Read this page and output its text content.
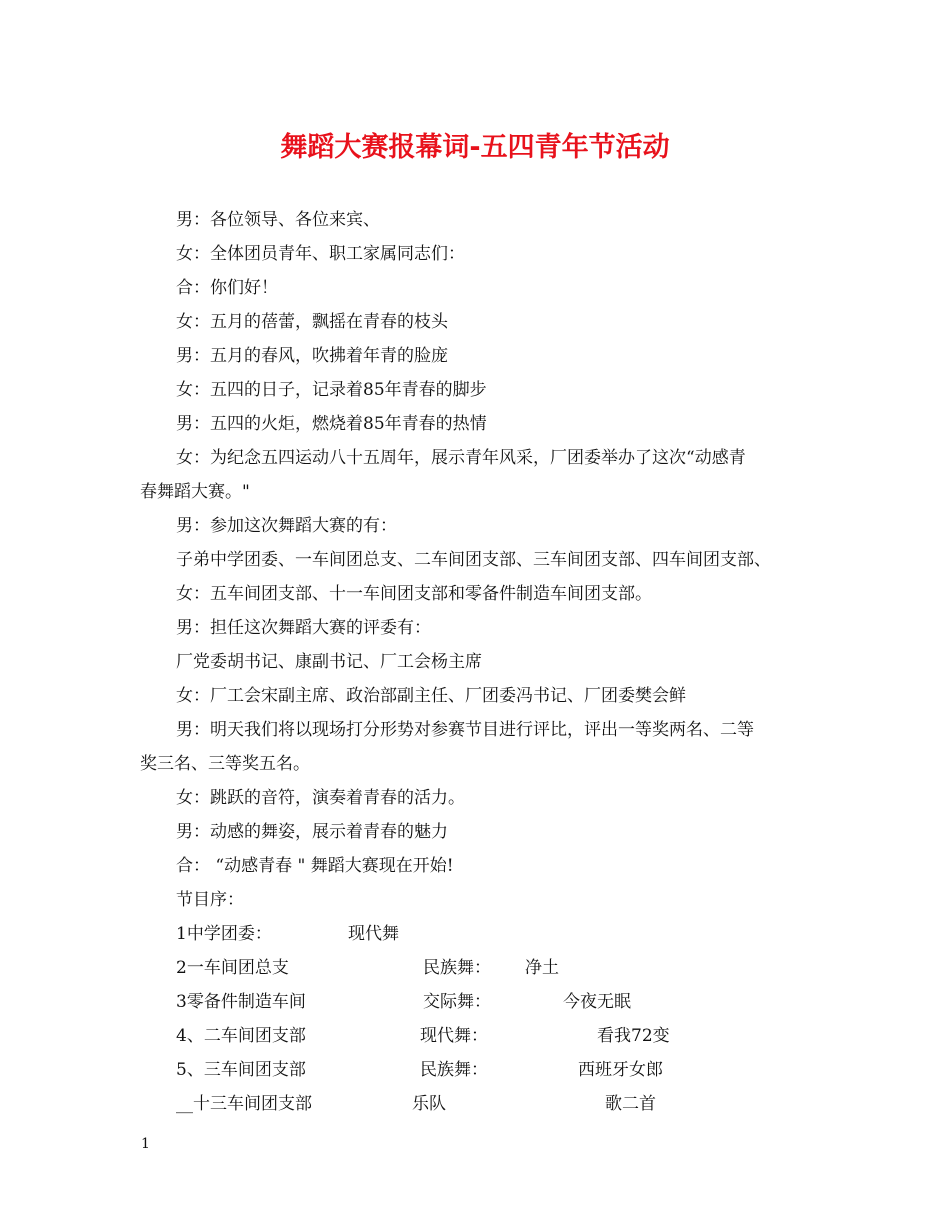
舞蹈大赛报幕词-五四青年节活动
男：各位领导、各位来宾、
女：全体团员青年、职工家属同志们：
合：你们好！
女：五月的蓓蕾，飘摇在青春的枝头
男：五月的春风，吹拂着年青的脸庞
女：五四的日子，记录着85年青春的脚步
男：五四的火炬，燃烧着85年青春的热情
女：为纪念五四运动八十五周年，展示青年风采，厂团委举办了这次“动感青
春舞蹈大赛。"
男：参加这次舞蹈大赛的有：
子弟中学团委、一车间团总支、二车间团支部、三车间团支部、四车间团支部、
女：五车间团支部、十一车间团支部和零备件制造车间团支部。
男：担任这次舞蹈大赛的评委有：
厂党委胡书记、康副书记、厂工会杨主席
女：厂工会宋副主席、政治部副主任、厂团委冯书记、厂团委樊会鲜
男：明天我们将以现场打分形势对参赛节目进行评比，评出一等奖两名、二等
奖三名、三等奖五名。
女：跳跃的音符，演奏着青春的活力。
男：动感的舞姿，展示着青春的魅力
合： “动感青春 " 舞蹈大赛现在开始!
节目序：
1中学团委：	现代舞
2一车间团总支	民族舞： 净土
3零备件制造车间	交际舞：	今夜无眠
4、二车间团支部	现代舞：	看我72变
5、三车间团支部	民族舞：	西班牙女郎
__十三车间团支部	乐队	歌二首
1
